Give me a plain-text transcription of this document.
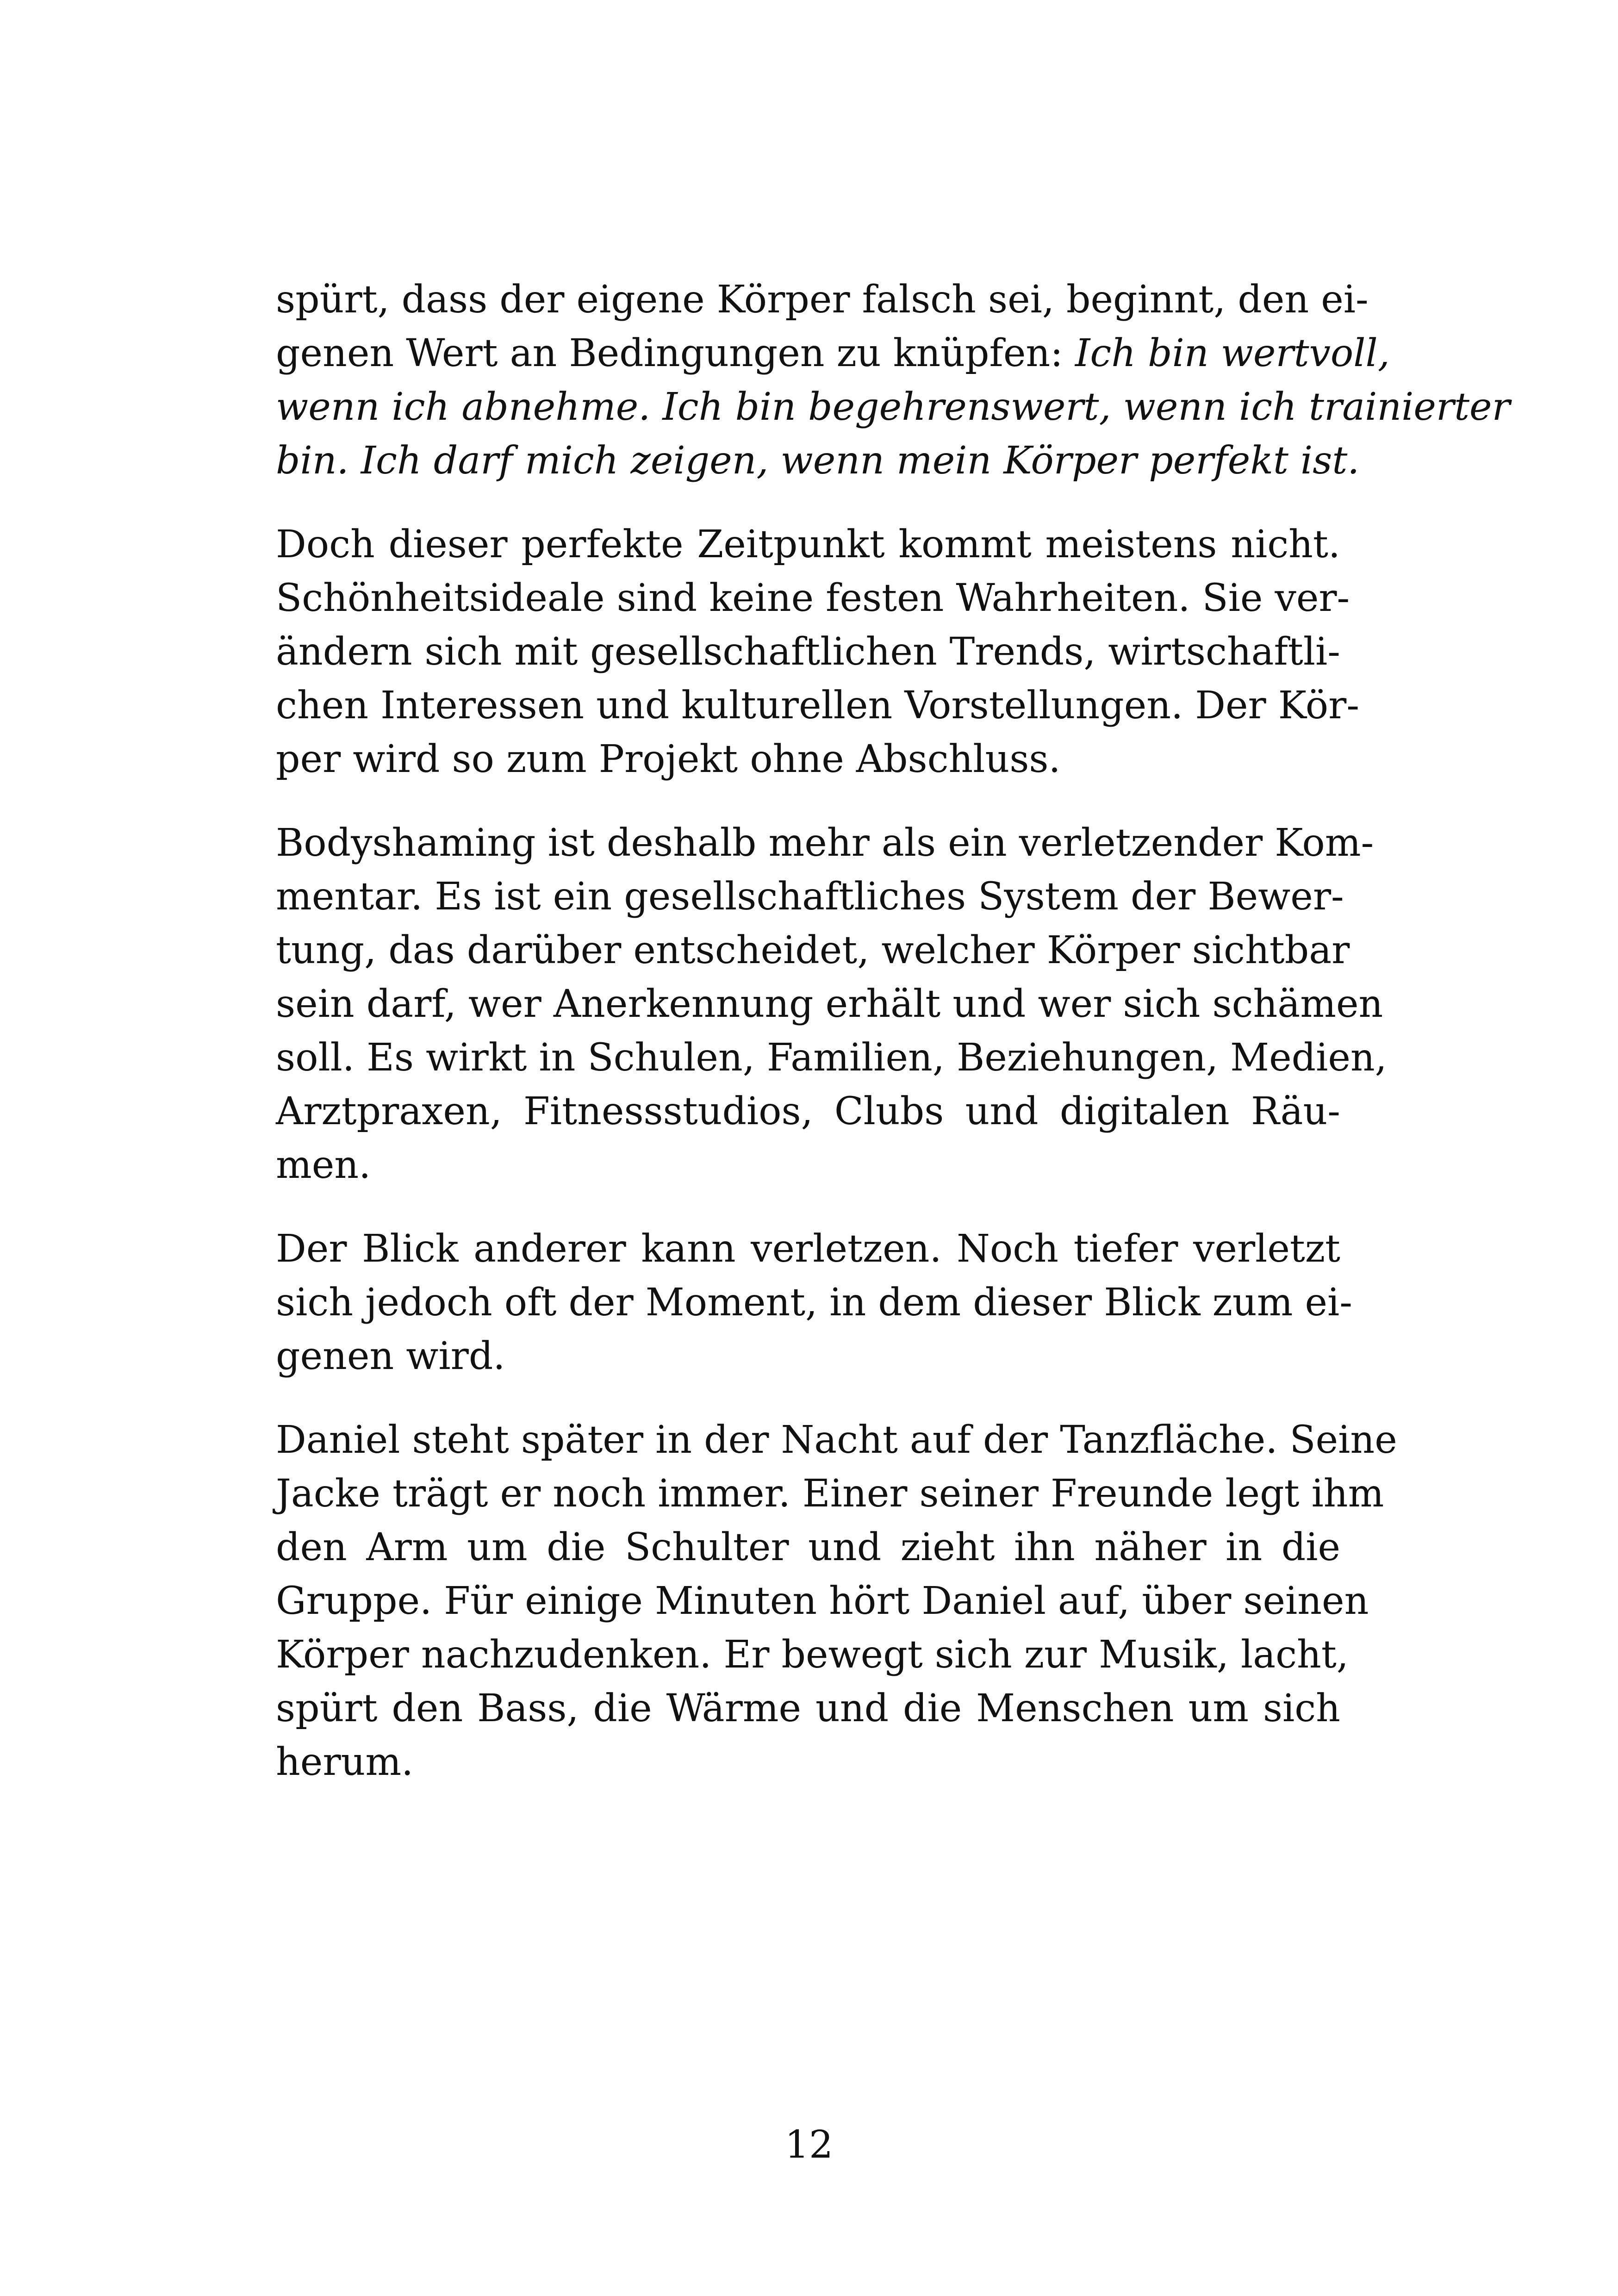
spürt, dass der eigene Körper falsch sei, beginnt, den ei-
genen Wert an Bedingungen zu knüpfen: Ich bin wertvoll,
wenn ich abnehme. Ich bin begehrenswert, wenn ich trainierter
bin. Ich darf mich zeigen, wenn mein Körper perfekt ist.

Doch dieser perfekte Zeitpunkt kommt meistens nicht.
Schönheitsideale sind keine festen Wahrheiten. Sie ver-
ändern sich mit gesellschaftlichen Trends, wirtschaftli-
chen Interessen und kulturellen Vorstellungen. Der Kör-
per wird so zum Projekt ohne Abschluss.

Bodyshaming ist deshalb mehr als ein verletzender Kom-
mentar. Es ist ein gesellschaftliches System der Bewer-
tung, das darüber entscheidet, welcher Körper sichtbar
sein darf, wer Anerkennung erhält und wer sich schämen
soll. Es wirkt in Schulen, Familien, Beziehungen, Medien,
Arztpraxen, Fitnessstudios, Clubs und digitalen Räu-
men.

Der Blick anderer kann verletzen. Noch tiefer verletzt
sich jedoch oft der Moment, in dem dieser Blick zum ei-
genen wird.

Daniel steht später in der Nacht auf der Tanzfläche. Seine
Jacke trägt er noch immer. Einer seiner Freunde legt ihm
den Arm um die Schulter und zieht ihn näher in die
Gruppe. Für einige Minuten hört Daniel auf, über seinen
Körper nachzudenken. Er bewegt sich zur Musik, lacht,
spürt den Bass, die Wärme und die Menschen um sich
herum.

12
